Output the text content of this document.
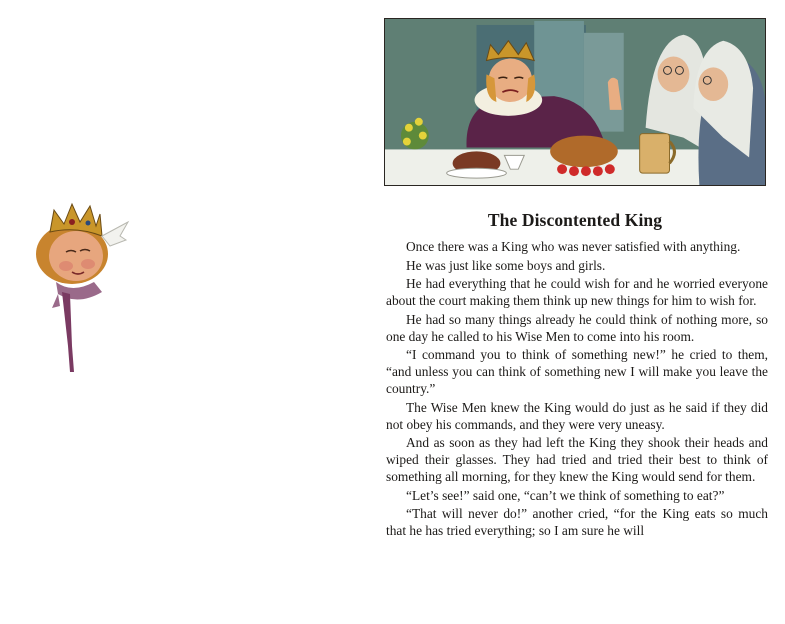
The Discontented King

Once there was a King who was never satisfied with anything.

He was just like some boys and girls.

He had everything that he could wish for and he worried everyone about the court making them think up new things for him to wish for.

He had so many things already he could think of nothing more, so one day he called to his Wise Men to come into his room.

“I command you to think of something new!” he cried to them, “and unless you can think of something new I will make you leave the country.”

The Wise Men knew the King would do just as he said if they did not obey his commands, and they were very uneasy.

And as soon as they had left the King they shook their heads and wiped their glasses. They had tried and tried their best to think of something all morning, for they knew the King would send for them.

“Let’s see!” said one, “can’t we think of something to eat?”

“That will never do!” another cried, “for the King eats so much that he has tried everything; so I am sure he will
